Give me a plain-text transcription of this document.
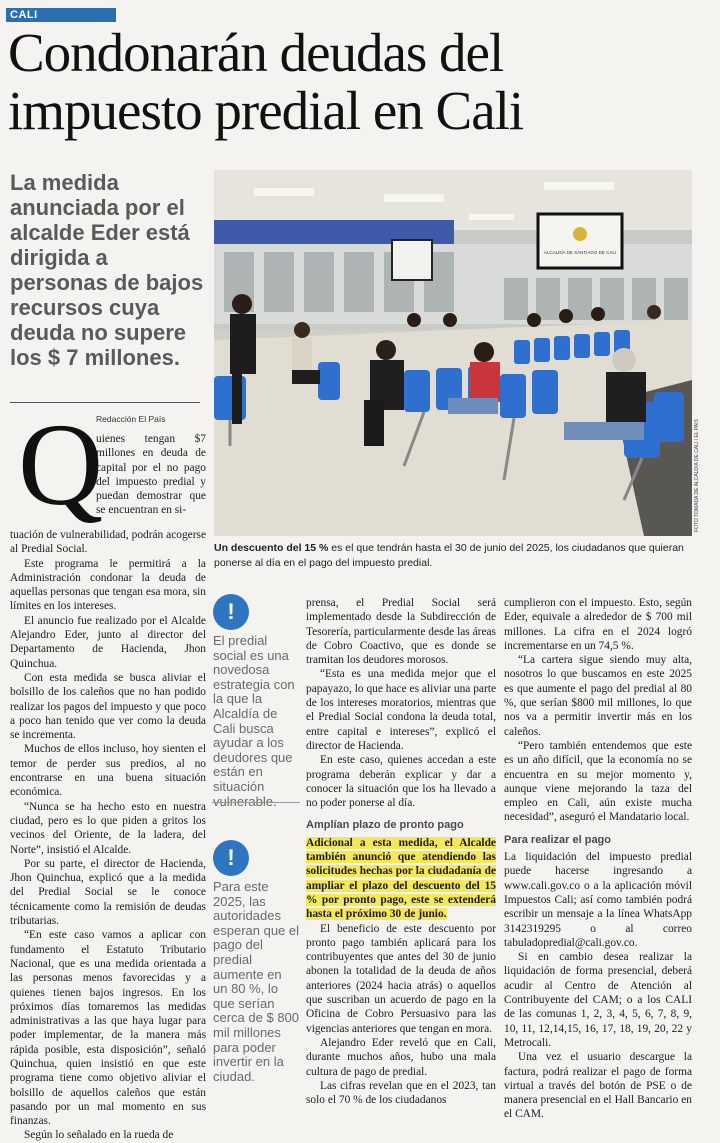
CALI
Condonarán deudas del impuesto predial en Cali
La medida anunciada por el alcalde Eder está dirigida a personas de bajos recursos cuya deuda no supere los $ 7 millones.
ALCALDÍA DE SANTIAGO DE CALI
FOTO TOMADA DE ALCALDÍA DE CALI / EL PAÍS

Un descuento del 15 % es el que tendrán hasta el 30 de junio del 2025, los ciudadanos que quieran ponerse al día en el pago del impuesto predial.

Redacción El País
Q

uienes tengan $7 millones en deuda de capital por el no pago del impuesto predial y puedan demostrar que se encuentran en si-

tuación de vulnerabilidad, podrán acogerse al Predial Social.

Este programa le permitirá a la Administración condonar la deuda de aquellas personas que tengan esa mora, sin límites en los intereses.

El anuncio fue realizado por el Alcalde Alejandro Eder, junto al director del Departamento de Hacienda, Jhon Quinchua.

Con esta medida se busca aliviar el bolsillo de los caleños que no han podido realizar los pagos del impuesto y que poco a poco han tenido que ver como la deuda se incrementa.

Muchos de ellos incluso, hoy sienten el temor de perder sus predios, al no encontrarse en una buena situación económica.

“Nunca se ha hecho esto en nuestra ciudad, pero es lo que piden a gritos los vecinos del Oriente, de la ladera, del Norte”, insistió el Alcalde.

Por su parte, el director de Hacienda, Jhon Quinchua, explicó que a la medida del Predial Social se le conoce técnicamente como la remisión de deudas tributarias.

“En este caso vamos a aplicar con fundamento el Estatuto Tributario Nacional, que es una medida orientada a las personas menos favorecidas y a quienes tienen bajos ingresos. En los próximos días tomaremos las medidas administrativas a las que haya lugar para poder implementar, de la manera más rápida posible, esta disposición”, señaló Quinchua, quien insistió en que este programa tiene como objetivo aliviar el bolsillo de aquellos caleños que están pasando por un mal momento en sus finanzas.

Según lo señalado en la rueda de

!
El predial social es una novedosa estrategia con la que la Alcaldía de Cali busca ayudar a los deudores que están en situación vulnerable.
!
Para este 2025, las autoridades esperan que el pago del predial aumente en un 80 %, lo que serían cerca de $ 800 mil millones para poder invertir en la ciudad.

prensa, el Predial Social será implementado desde la Subdirección de Tesorería, particularmente desde las áreas de Cobro Coactivo, que es donde se tramitan los deudores morosos.

“Esta es una medida mejor que el papayazo, lo que hace es aliviar una parte de los intereses moratorios, mientras que el Predial Social condona la deuda total, entre capital e intereses”, explicó el director de Hacienda.

En este caso, quienes accedan a este programa deberán explicar y dar a conocer la situación que los ha llevado a no poder ponerse al día.

Amplían plazo de pronto pago

Adicional a esta medida, el Alcalde también anunció que atendiendo las solicitudes hechas por la ciudadanía de ampliar el plazo del descuento del 15 % por pronto pago, este se extenderá hasta el próximo 30 de junio.

El beneficio de este descuento por pronto pago también aplicará para los contribuyentes que antes del 30 de junio abonen la totalidad de la deuda de años anteriores (2024 hacia atrás) o aquellos que suscriban un acuerdo de pago en la Oficina de Cobro Persuasivo para las vigencias anteriores que tengan en mora.

Alejandro Eder reveló que en Cali, durante muchos años, hubo una mala cultura de pago de predial.

Las cifras revelan que en el 2023, tan solo el 70 % de los ciudadanos

cumplieron con el impuesto. Esto, según Eder, equivale a alrededor de $ 700 mil millones. La cifra en el 2024 logró incrementarse en un 74,5 %.

“La cartera sigue siendo muy alta, nosotros lo que buscamos en este 2025 es que aumente el pago del predial al 80 %, que serían $800 mil millones, lo que nos va a permitir invertir más en los caleños.

“Pero también entendemos que este es un año difícil, que la economía no se encuentra en su mejor momento y, aunque viene mejorando la taza del empleo en Cali, aún existe mucha necesidad”, aseguró el Mandatario local.

Para realizar el pago

La liquidación del impuesto predial puede hacerse ingresando a www.cali.gov.co o a la aplicación móvil Impuestos Cali; así como también podrá escribir un mensaje a la línea WhatsApp 3142319295 o al correo tabuladopredial@cali.gov.co.

Si en cambio desea realizar la liquidación de forma presencial, deberá acudir al Centro de Atención al Contribuyente del CAM; o a los CALI de las comunas 1, 2, 3, 4, 5, 6, 7, 8, 9, 10, 11, 12,14,15, 16, 17, 18, 19, 20, 22 y Metrocali.

Una vez el usuario descargue la factura, podrá realizar el pago de forma virtual a través del botón de PSE o de manera presencial en el Hall Bancario en el CAM.
